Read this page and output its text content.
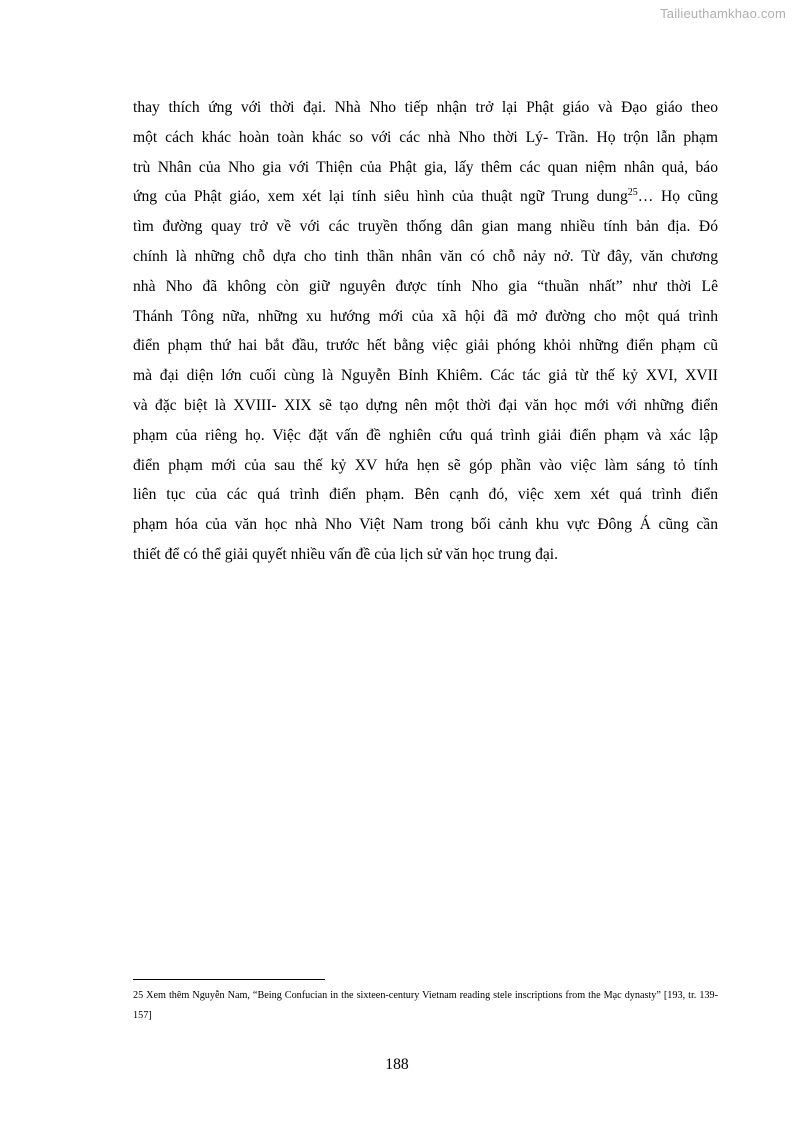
Tailieuthamkhao.com
thay thích ứng với thời đại. Nhà Nho tiếp nhận trở lại Phật giáo và Đạo giáo theo
một cách khác hoàn toàn khác so với các nhà Nho thời Lý- Trần. Họ trộn lẫn phạm
trù Nhân của Nho gia với Thiện của Phật gia, lấy thêm các quan niệm nhân quả, báo
ứng của Phật giáo, xem xét lại tính siêu hình của thuật ngữ Trung dung$^{25}$… Họ cũng
tìm đường quay trở về với các truyền thống dân gian mang nhiều tính bản địa. Đó
chính là những chỗ dựa cho tinh thần nhân văn có chỗ nảy nở. Từ đây, văn chương
nhà Nho đã không còn giữ nguyên được tính Nho gia “thuần nhất” như thời Lê
Thánh Tông nữa, những xu hướng mới của xã hội đã mở đường cho một quá trình
điển phạm thứ hai bắt đầu, trước hết bằng việc giải phóng khỏi những điển phạm cũ
mà đại diện lớn cuối cùng là Nguyễn Bỉnh Khiêm. Các tác giả từ thế kỷ XVI, XVII
và đặc biệt là XVIII- XIX sẽ tạo dựng nên một thời đại văn học mới với những điển
phạm của riêng họ. Việc đặt vấn đề nghiên cứu quá trình giải điển phạm và xác lập
điển phạm mới của sau thế kỷ XV hứa hẹn sẽ góp phần vào việc làm sáng tỏ tính
liên tục của các quá trình điển phạm. Bên cạnh đó, việc xem xét quá trình điển
phạm hóa của văn học nhà Nho Việt Nam trong bối cảnh khu vực Đông Á cũng cần
thiết để có thể giải quyết nhiều vấn đề của lịch sử văn học trung đại.
25 Xem thêm Nguyễn Nam, “Being Confucian in the sixteen-century Vietnam reading stele inscriptions from the Mạc dynasty” [193, tr. 139-
157]
188
